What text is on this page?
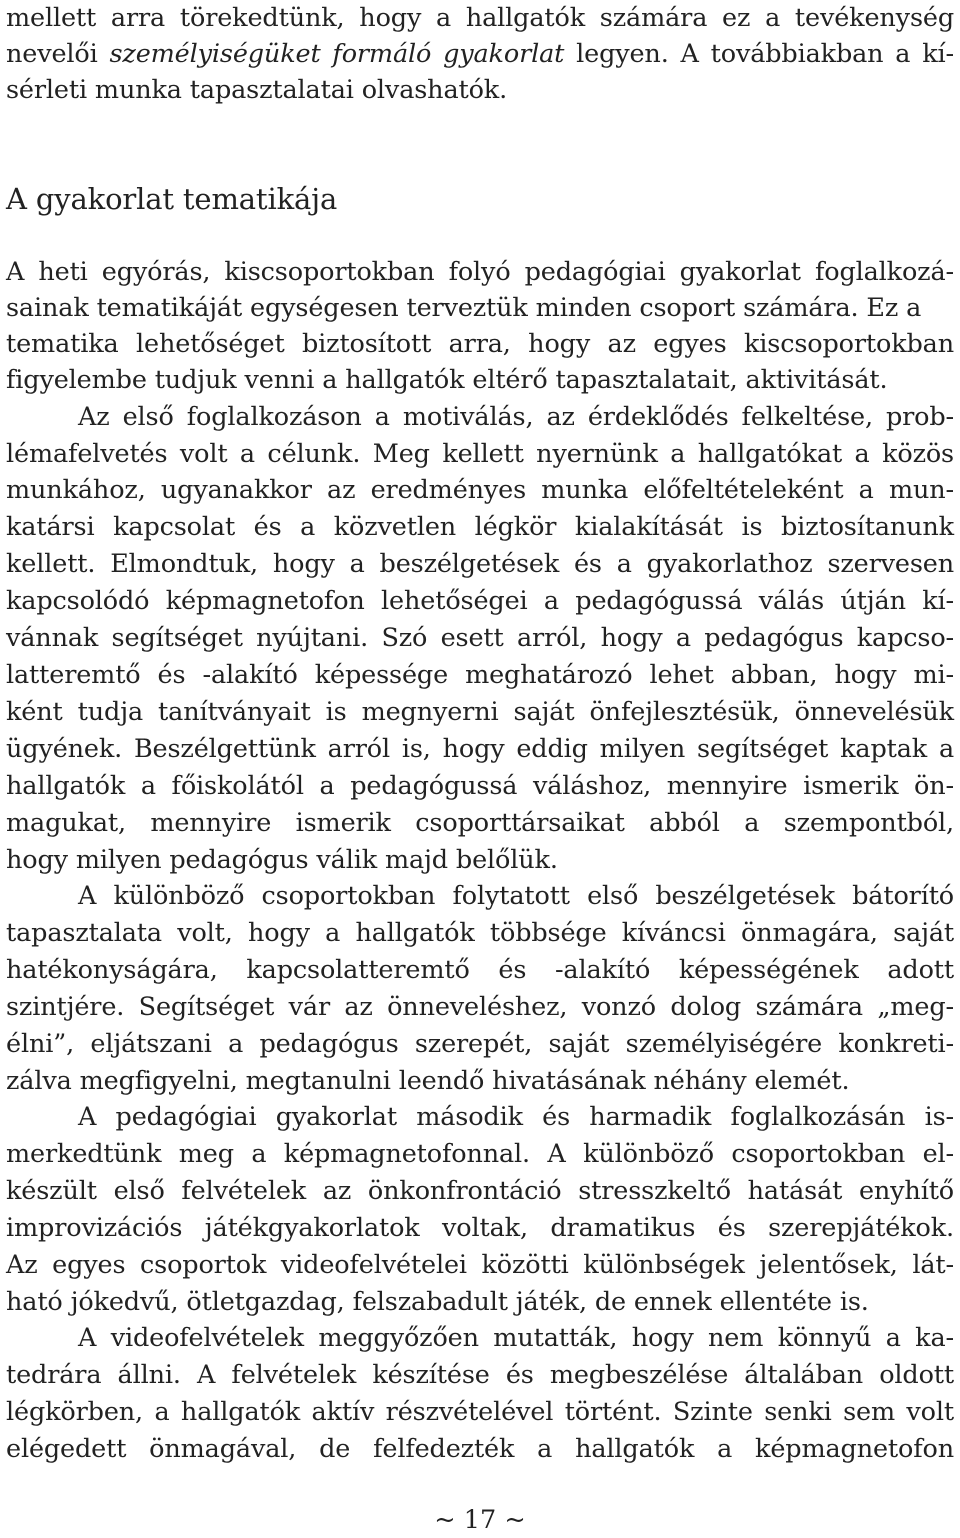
mellett arra törekedtünk, hogy a hallgatók számára ez a tevékenység
nevelői személyiségüket formáló gyakorlat legyen. A továbbiakban a kí-
sérleti munka tapasztalatai olvashatók.
A gyakorlat tematikája
A heti egyórás, kiscsoportokban folyó pedagógiai gyakorlat foglalkozá-
sainak tematikáját egységesen terveztük minden csoport számára. Ez a
tematika lehetőséget biztosított arra, hogy az egyes kiscsoportokban
figyelembe tudjuk venni a hallgatók eltérő tapasztalatait, aktivitását.
Az első foglalkozáson a motiválás, az érdeklődés felkeltése, prob-
lémafelvetés volt a célunk. Meg kellett nyernünk a hallgatókat a közös
munkához, ugyanakkor az eredményes munka előfeltételeként a mun-
katársi kapcsolat és a közvetlen légkör kialakítását is biztosítanunk
kellett. Elmondtuk, hogy a beszélgetések és a gyakorlathoz szervesen
kapcsolódó képmagnetofon lehetőségei a pedagógussá válás útján kí-
vánnak segítséget nyújtani. Szó esett arról, hogy a pedagógus kapcso-
latteremtő és -alakító képessége meghatározó lehet abban, hogy mi-
ként tudja tanítványait is megnyerni saját önfejlesztésük, önnevelésük
ügyének. Beszélgettünk arról is, hogy eddig milyen segítséget kaptak a
hallgatók a főiskolától a pedagógussá váláshoz, mennyire ismerik ön-
magukat, mennyire ismerik csoporttársaikat abból a szempontból,
hogy milyen pedagógus válik majd belőlük.
A különböző csoportokban folytatott első beszélgetések bátorító
tapasztalata volt, hogy a hallgatók többsége kíváncsi önmagára, saját
hatékonyságára, kapcsolatteremtő és -alakító képességének adott
szintjére. Segítséget vár az önneveléshez, vonzó dolog számára „meg-
élni”, eljátszani a pedagógus szerepét, saját személyiségére konkreti-
zálva megfigyelni, megtanulni leendő hivatásának néhány elemét.
A pedagógiai gyakorlat második és harmadik foglalkozásán is-
merkedtünk meg a képmagnetofonnal. A különböző csoportokban el-
készült első felvételek az önkonfrontáció stresszkeltő hatását enyhítő
improvizációs játékgyakorlatok voltak, dramatikus és szerepjátékok.
Az egyes csoportok videofelvételei közötti különbségek jelentősek, lát-
ható jókedvű, ötletgazdag, felszabadult játék, de ennek ellentéte is.
A videofelvételek meggyőzően mutatták, hogy nem könnyű a ka-
tedrára állni. A felvételek készítése és megbeszélése általában oldott
légkörben, a hallgatók aktív részvételével történt. Szinte senki sem volt
elégedett önmagával, de felfedezték a hallgatók a képmagnetofon
~ 17 ~
